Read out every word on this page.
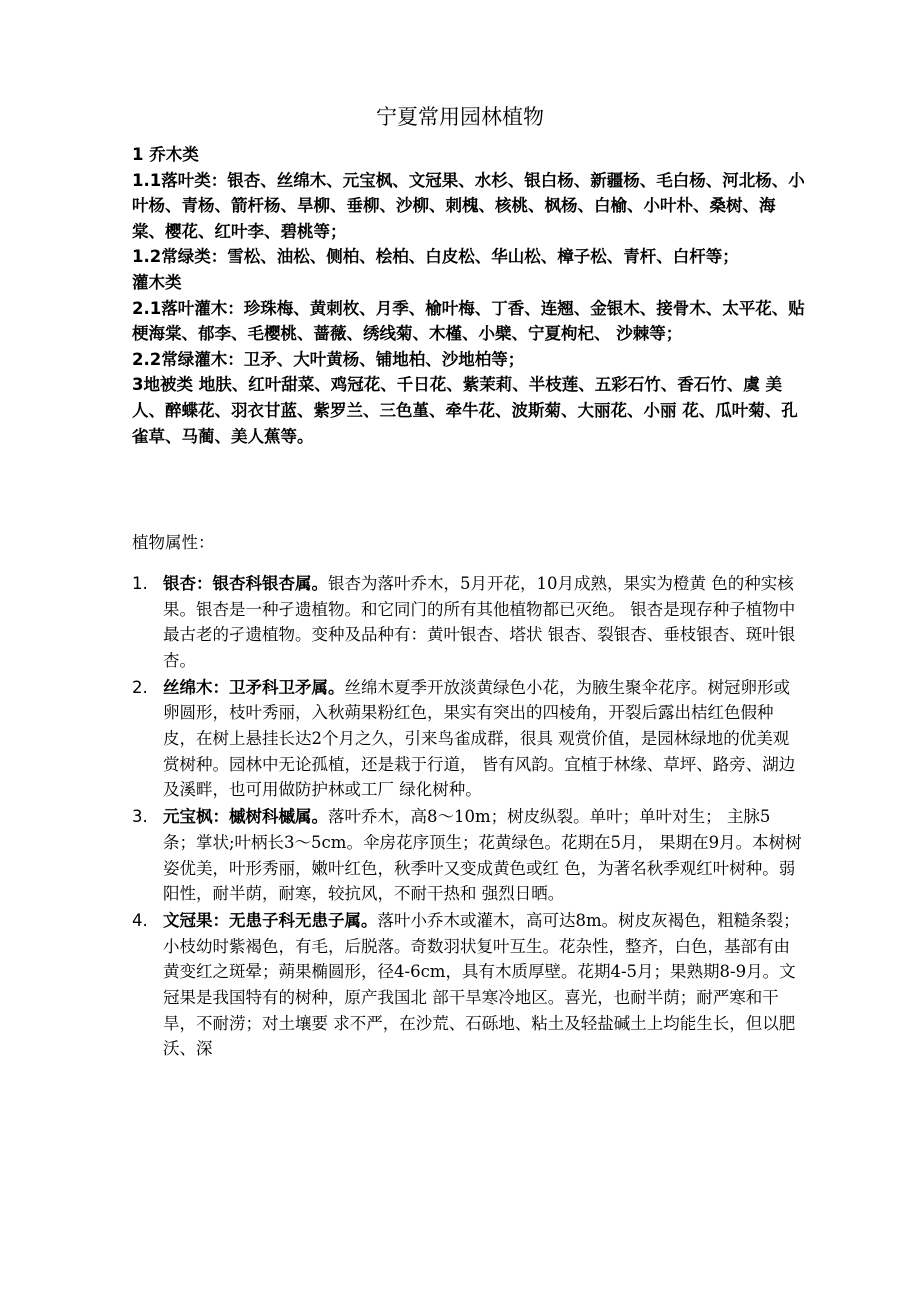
宁夏常用园林植物

1 乔木类

1.1落叶类：银杏、丝绵木、元宝枫、文冠果、水杉、银白杨、新疆杨、毛白杨、河北杨、小叶杨、青杨、箭杆杨、旱柳、垂柳、沙柳、刺槐、核桃、枫杨、白榆、小叶朴、桑树、海棠、樱花、红叶李、碧桃等；

1.2常绿类：雪松、油松、侧柏、桧柏、白皮松、华山松、樟子松、青杆、白杆等；

灌木类

2.1落叶灌木：珍珠梅、黄刺枚、月季、榆叶梅、丁香、连翘、金银木、接骨木、太平花、贴梗海棠、郁李、毛樱桃、蔷薇、绣线菊、木槿、小檗、宁夏枸杞、 沙棘等；

2.2常绿灌木：卫矛、大叶黄杨、铺地柏、沙地柏等；

3地被类 地肤、红叶甜菜、鸡冠花、千日花、紫茉莉、半枝莲、五彩石竹、香石竹、虞 美人、醉蝶花、羽衣甘蓝、紫罗兰、三色堇、牵牛花、波斯菊、大丽花、小丽 花、瓜叶菊、孔雀草、马蔺、美人蕉等。

植物属性：

1. 银杏：银杏科银杏属。银杏为落叶乔木，5月开花，10月成熟，果实为橙黄 色的种实核果。银杏是一种孑遗植物。和它同门的所有其他植物都已灭绝。 银杏是现存种子植物中最古老的孑遗植物。变种及品种有：黄叶银杏、塔状 银杏、裂银杏、垂枝银杏、斑叶银杏。
2. 丝绵木：卫矛科卫矛属。丝绵木夏季开放淡黄绿色小花，为腋生聚伞花序。树冠卵形或卵圆形，枝叶秀丽，入秋蒴果粉红色，果实有突出的四棱角，开裂后露出桔红色假种皮，在树上悬挂长达2个月之久，引来鸟雀成群，很具 观赏价值，是园林绿地的优美观赏树种。园林中无论孤植，还是栽于行道， 皆有风韵。宜植于林缘、草坪、路旁、湖边及溪畔，也可用做防护林或工厂 绿化树种。
3. 元宝枫：槭树科槭属。落叶乔木，高8～10m；树皮纵裂。单叶；单叶对生； 主脉5条；掌状;叶柄长3～5cm。伞房花序顶生；花黄绿色。花期在5月， 果期在9月。本树树姿优美，叶形秀丽，嫩叶红色，秋季叶又变成黄色或红 色，为著名秋季观红叶树种。弱阳性，耐半荫，耐寒，较抗风，不耐干热和 强烈日晒。
4. 文冠果：无患子科无患子属。落叶小乔木或灌木，高可达8m。树皮灰褐色，粗糙条裂；小枝幼时紫褐色，有毛，后脱落。奇数羽状复叶互生。花杂性，整齐，白色，基部有由黄变红之斑晕；蒴果椭圆形，径4-6cm，具有木质厚壁。花期4-5月；果熟期8-9月。文冠果是我国特有的树种，原产我国北 部干旱寒冷地区。喜光，也耐半荫；耐严寒和干旱，不耐涝；对土壤要 求不严，在沙荒、石砾地、粘土及轻盐碱土上均能生长，但以肥沃、深
